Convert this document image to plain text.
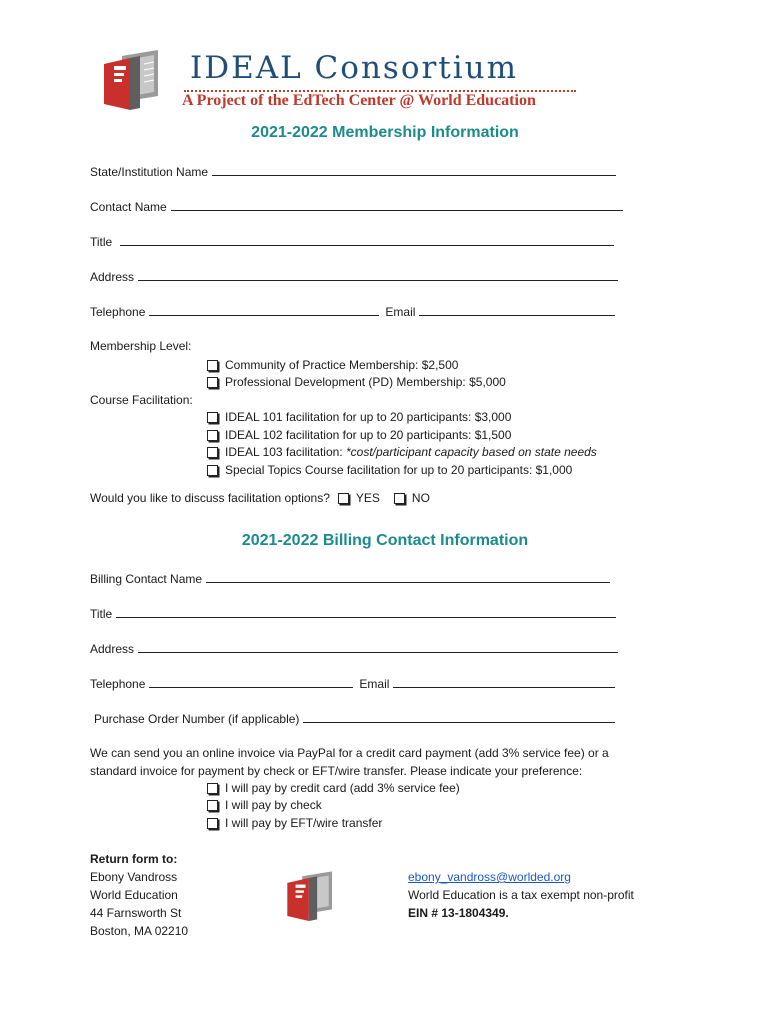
IDEAL Consortium
A Project of the EdTech Center @ World Education
2021-2022 Membership Information
State/Institution Name
Contact Name
Title
Address
Telephone	Email
Membership Level:
Community of Practice Membership: $2,500
Professional Development (PD) Membership: $5,000
Course Facilitation:
IDEAL 101 facilitation for up to 20 participants: $3,000
IDEAL 102 facilitation for up to 20 participants: $1,500
IDEAL 103 facilitation: *cost/participant capacity based on state needs
Special Topics Course facilitation for up to 20 participants: $1,000
Would you like to discuss facilitation options? YES	NO
2021-2022 Billing Contact Information
Billing Contact Name
Title
Address
Telephone	Email
Purchase Order Number (if applicable)
We can send you an online invoice via PayPal for a credit card payment (add 3% service fee) or a standard invoice for payment by check or EFT/wire transfer. Please indicate your preference:
I will pay by credit card (add 3% service fee)
I will pay by check
I will pay by EFT/wire transfer
Return form to:
Ebony Vandross
World Education
44 Farnsworth St
Boston, MA 02210
ebony_vandross@worlded.org
World Education is a tax exempt non-profit
EIN # 13-1804349.
